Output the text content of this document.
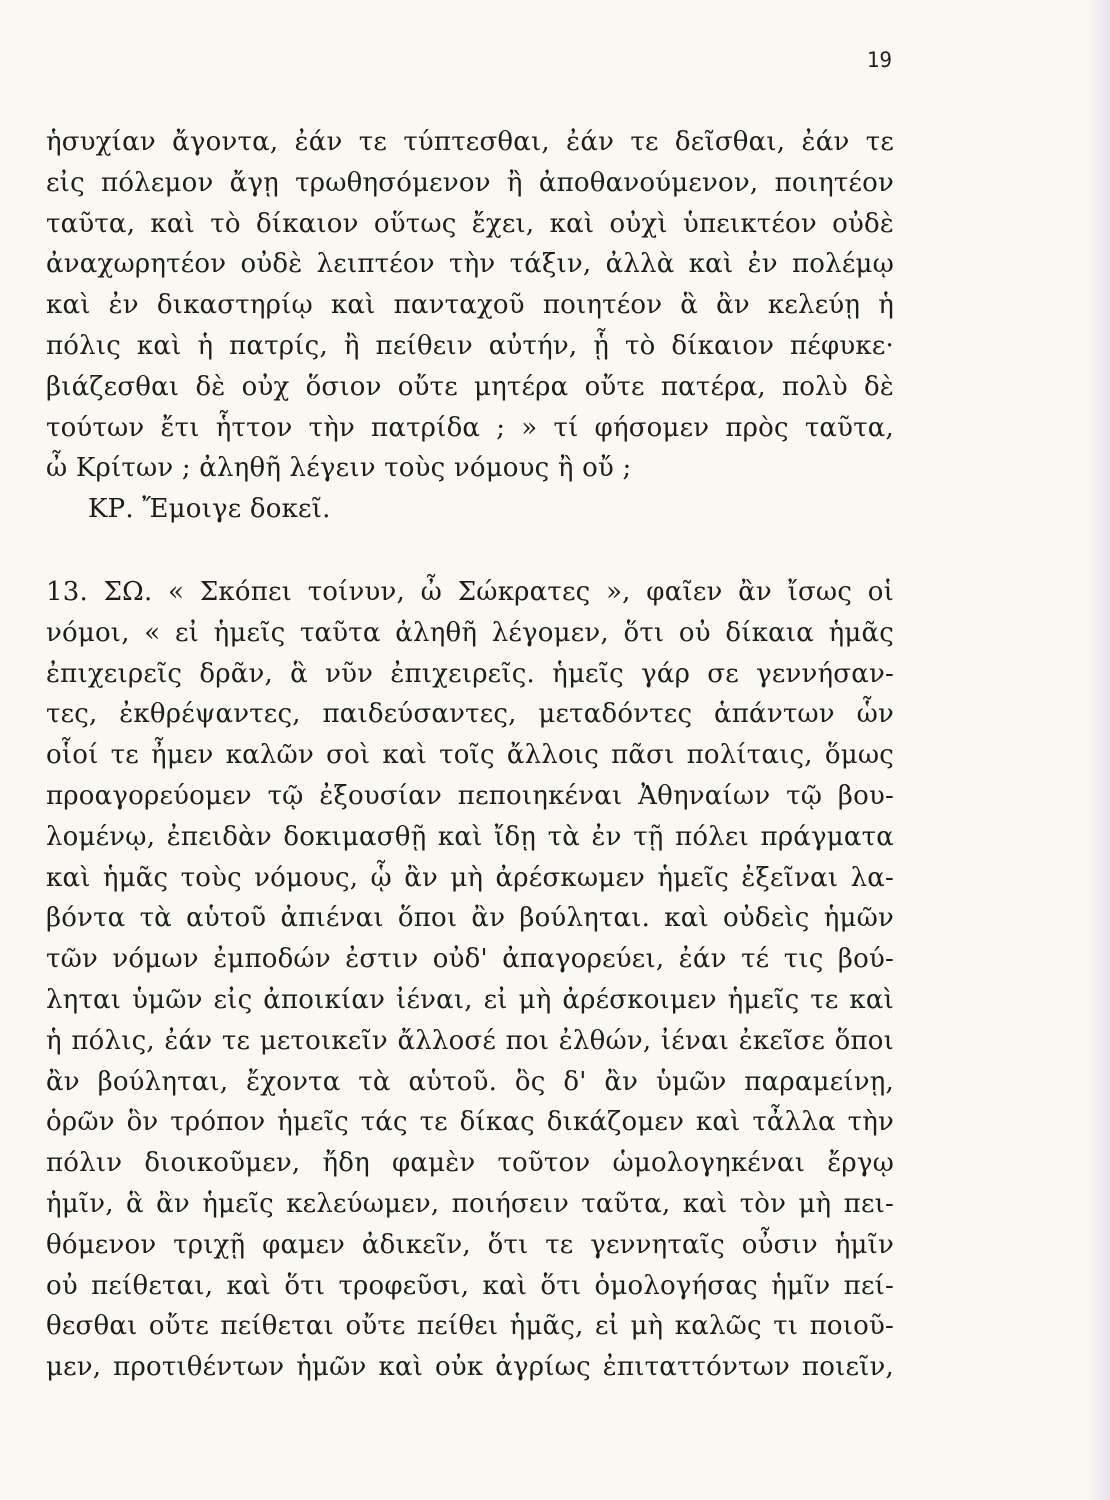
19
ἡσυχίαν ἄγοντα, ἐάν τε τύπτεσθαι, ἐάν τε δεῖσθαι, ἐάν τε
εἰς πόλεμον ἄγῃ τρωθησόμενον ἢ ἀποθανούμενον, ποιητέον
ταῦτα, καὶ τὸ δίκαιον οὕτως ἔχει, καὶ οὐχὶ ὑπεικτέον οὐδὲ
ἀναχωρητέον οὐδὲ λειπτέον τὴν τάξιν, ἀλλὰ καὶ ἐν πολέμῳ
καὶ ἐν δικαστηρίῳ καὶ πανταχοῦ ποιητέον ἃ ἂν κελεύῃ ἡ
πόλις καὶ ἡ πατρίς, ἢ πείθειν αὐτήν, ᾗ τὸ δίκαιον πέφυκε·
βιάζεσθαι δὲ οὐχ ὅσιον οὔτε μητέρα οὔτε πατέρα, πολὺ δὲ
τούτων ἔτι ἧττον τὴν πατρίδα ; » τί φήσομεν πρὸς ταῦτα,
ὦ Κρίτων ; ἀληθῆ λέγειν τοὺς νόμους ἢ οὔ ;
ΚΡ. Ἔμοιγε δοκεῖ.
13. ΣΩ. « Σκόπει τοίνυν, ὦ Σώκρατες », φαῖεν ἂν ἴσως οἱ
νόμοι, « εἰ ἡμεῖς ταῦτα ἀληθῆ λέγομεν, ὅτι οὐ δίκαια ἡμᾶς
ἐπιχειρεῖς δρᾶν, ἃ νῦν ἐπιχειρεῖς. ἡμεῖς γάρ σε γεννήσαν-
τες, ἐκθρέψαντες, παιδεύσαντες, μεταδόντες ἁπάντων ὧν
οἷοί τε ἦμεν καλῶν σοὶ καὶ τοῖς ἄλλοις πᾶσι πολίταις, ὅμως
προαγορεύομεν τῷ ἐξουσίαν πεποιηκέναι Ἀθηναίων τῷ βου-
λομένῳ, ἐπειδὰν δοκιμασθῇ καὶ ἴδῃ τὰ ἐν τῇ πόλει πράγματα
καὶ ἡμᾶς τοὺς νόμους, ᾧ ἂν μὴ ἀρέσκωμεν ἡμεῖς ἐξεῖναι λα-
βόντα τὰ αὑτοῦ ἀπιέναι ὅποι ἂν βούληται. καὶ οὐδεὶς ἡμῶν
τῶν νόμων ἐμποδών ἐστιν οὐδ' ἀπαγορεύει, ἐάν τέ τις βού-
ληται ὑμῶν εἰς ἀποικίαν ἰέναι, εἰ μὴ ἀρέσκοιμεν ἡμεῖς τε καὶ
ἡ πόλις, ἐάν τε μετοικεῖν ἄλλοσέ ποι ἐλθών, ἰέναι ἐκεῖσε ὅποι
ἂν βούληται, ἔχοντα τὰ αὑτοῦ. ὃς δ' ἂν ὑμῶν παραμείνῃ,
ὁρῶν ὃν τρόπον ἡμεῖς τάς τε δίκας δικάζομεν καὶ τἆλλα τὴν
πόλιν διοικοῦμεν, ἤδη φαμὲν τοῦτον ὡμολογηκέναι ἔργῳ
ἡμῖν, ἃ ἂν ἡμεῖς κελεύωμεν, ποιήσειν ταῦτα, καὶ τὸν μὴ πει-
θόμενον τριχῇ φαμεν ἀδικεῖν, ὅτι τε γεννηταῖς οὖσιν ἡμῖν
οὐ πείθεται, καὶ ὅτι τροφεῦσι, καὶ ὅτι ὁμολογήσας ἡμῖν πεί-
θεσθαι οὔτε πείθεται οὔτε πείθει ἡμᾶς, εἰ μὴ καλῶς τι ποιοῦ-
μεν, προτιθέντων ἡμῶν καὶ οὐκ ἀγρίως ἐπιταττόντων ποιεῖν,
